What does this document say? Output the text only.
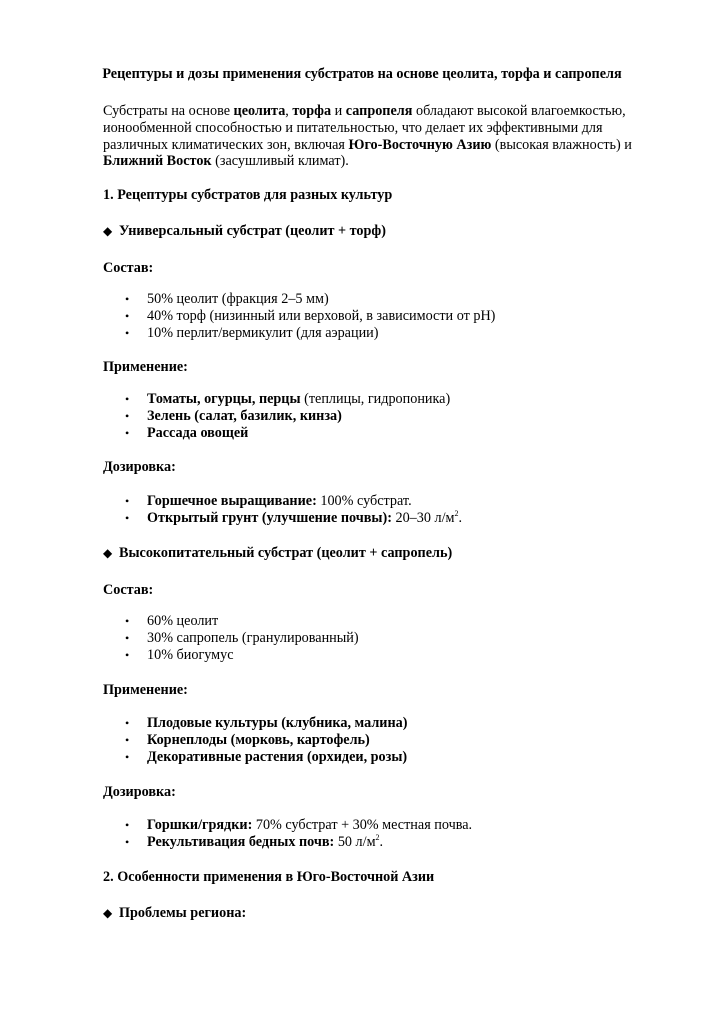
Рецептуры и дозы применения субстратов на основе цеолита, торфа и сапропеля
Субстраты на основе цеолита, торфа и сапропеля обладают высокой влагоемкостью, ионообменной способностью и питательностью, что делает их эффективными для различных климатических зон, включая Юго-Восточную Азию (высокая влажность) и Ближний Восток (засушливый климат).
1. Рецептуры субстратов для разных культур
◆ Универсальный субстрат (цеолит + торф)
Состав:
• 50% цеолит (фракция 2–5 мм)
• 40% торф (низинный или верховой, в зависимости от pH)
• 10% перлит/вермикулит (для аэрации)
Применение:
• Томаты, огурцы, перцы (теплицы, гидропоника)
• Зелень (салат, базилик, кинза)
• Рассада овощей
Дозировка:
• Горшечное выращивание: 100% субстрат.
• Открытый грунт (улучшение почвы): 20–30 $л/м^2$.
◆ Высокопитательный субстрат (цеолит + сапропель)
Состав:
• 60% цеолит
• 30% сапропель (гранулированный)
• 10% биогумус
Применение:
• Плодовые культуры (клубника, малина)
• Корнеплоды (морковь, картофель)
• Декоративные растения (орхидеи, розы)
Дозировка:
• Горшки/грядки: 70% субстрат + 30% местная почва.
• Рекультивация бедных почв: 50 $л/м^2$.
2. Особенности применения в Юго-Восточной Азии
◆ Проблемы региона:
